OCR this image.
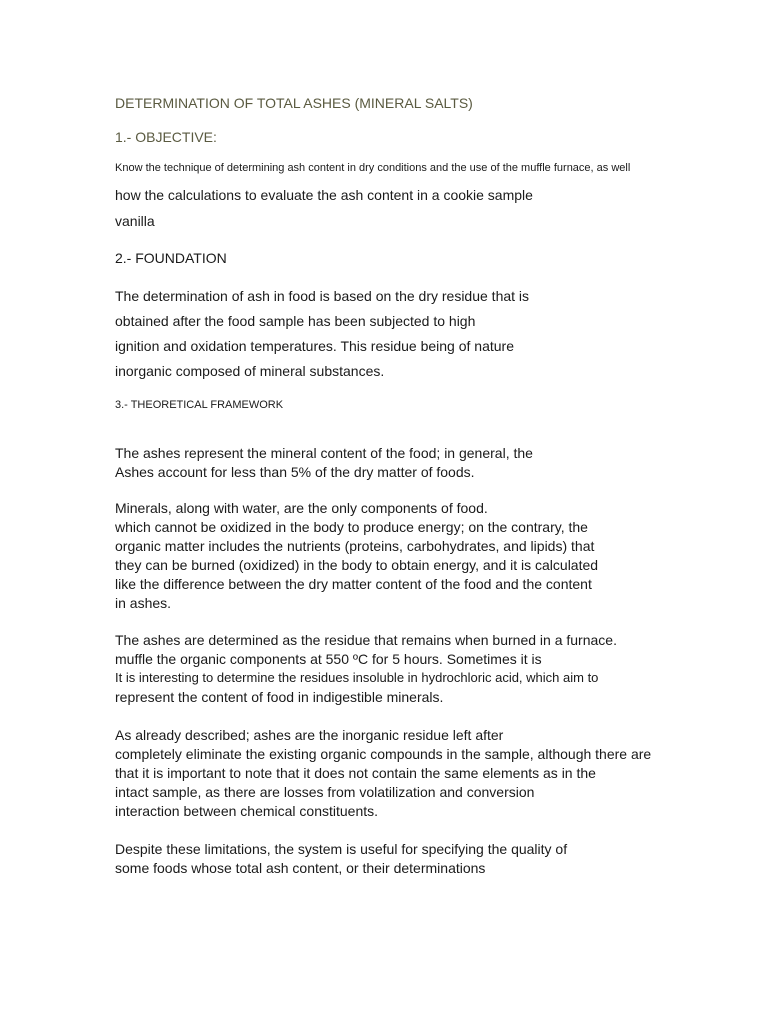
DETERMINATION OF TOTAL ASHES (MINERAL SALTS)

1.- OBJECTIVE:

Know the technique of determining ash content in dry conditions and the use of the muffle furnace, as well

how the calculations to evaluate the ash content in a cookie sample

vanilla

2.- FOUNDATION

The determination of ash in food is based on the dry residue that is

obtained after the food sample has been subjected to high

ignition and oxidation temperatures. This residue being of nature

inorganic composed of mineral substances.

3.- THEORETICAL FRAMEWORK

The ashes represent the mineral content of the food; in general, the

Ashes account for less than 5% of the dry matter of foods.

Minerals, along with water, are the only components of food.

which cannot be oxidized in the body to produce energy; on the contrary, the

organic matter includes the nutrients (proteins, carbohydrates, and lipids) that

they can be burned (oxidized) in the body to obtain energy, and it is calculated

like the difference between the dry matter content of the food and the content

in ashes.

The ashes are determined as the residue that remains when burned in a furnace.

muffle the organic components at 550 ºC for 5 hours. Sometimes it is

It is interesting to determine the residues insoluble in hydrochloric acid, which aim to

represent the content of food in indigestible minerals.

As already described; ashes are the inorganic residue left after

completely eliminate the existing organic compounds in the sample, although there are

that it is important to note that it does not contain the same elements as in the

intact sample, as there are losses from volatilization and conversion

interaction between chemical constituents.

Despite these limitations, the system is useful for specifying the quality of

some foods whose total ash content, or their determinations
